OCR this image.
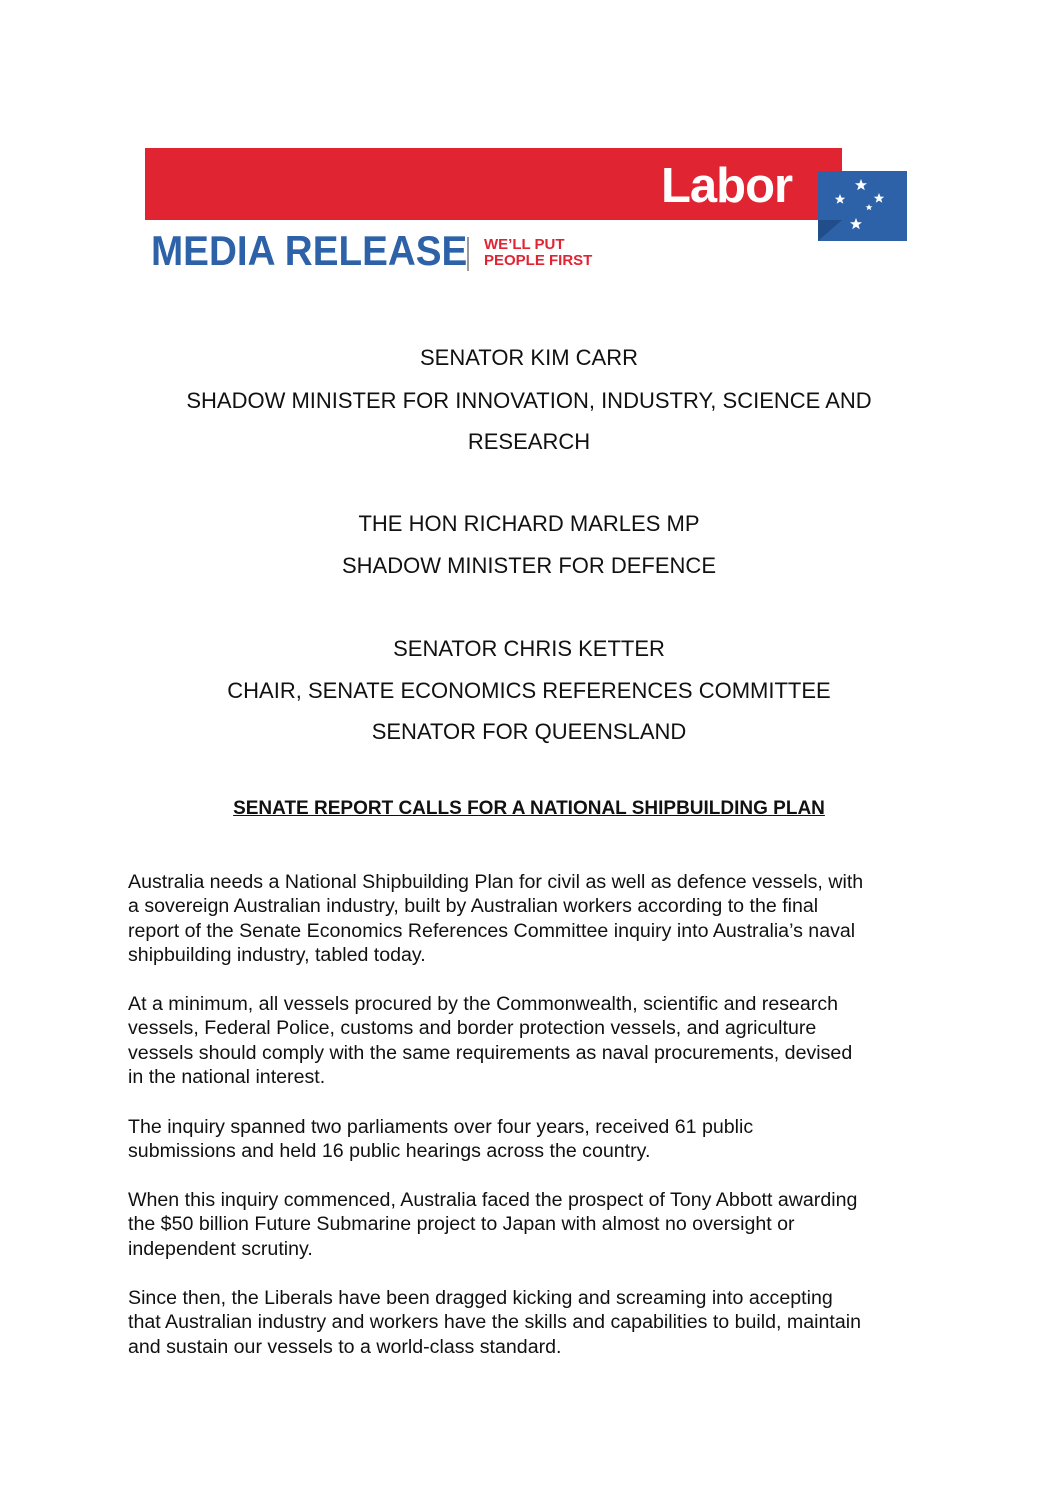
Labor
MEDIA RELEASE WE’LL PUT
PEOPLE FIRST
SENATOR KIM CARR
SHADOW MINISTER FOR INNOVATION, INDUSTRY, SCIENCE AND
RESEARCH
THE HON RICHARD MARLES MP
SHADOW MINISTER FOR DEFENCE
SENATOR CHRIS KETTER
CHAIR, SENATE ECONOMICS REFERENCES COMMITTEE
SENATOR FOR QUEENSLAND
SENATE REPORT CALLS FOR A NATIONAL SHIPBUILDING PLAN
Australia needs a National Shipbuilding Plan for civil as well as defence vessels, with
a sovereign Australian industry, built by Australian workers according to the final
report of the Senate Economics References Committee inquiry into Australia’s naval
shipbuilding industry, tabled today.
At a minimum, all vessels procured by the Commonwealth, scientific and research
vessels, Federal Police, customs and border protection vessels, and agriculture
vessels should comply with the same requirements as naval procurements, devised
in the national interest.
The inquiry spanned two parliaments over four years, received 61 public
submissions and held 16 public hearings across the country.
When this inquiry commenced, Australia faced the prospect of Tony Abbott awarding
the $50 billion Future Submarine project to Japan with almost no oversight or
independent scrutiny.
Since then, the Liberals have been dragged kicking and screaming into accepting
that Australian industry and workers have the skills and capabilities to build, maintain
and sustain our vessels to a world-class standard.
